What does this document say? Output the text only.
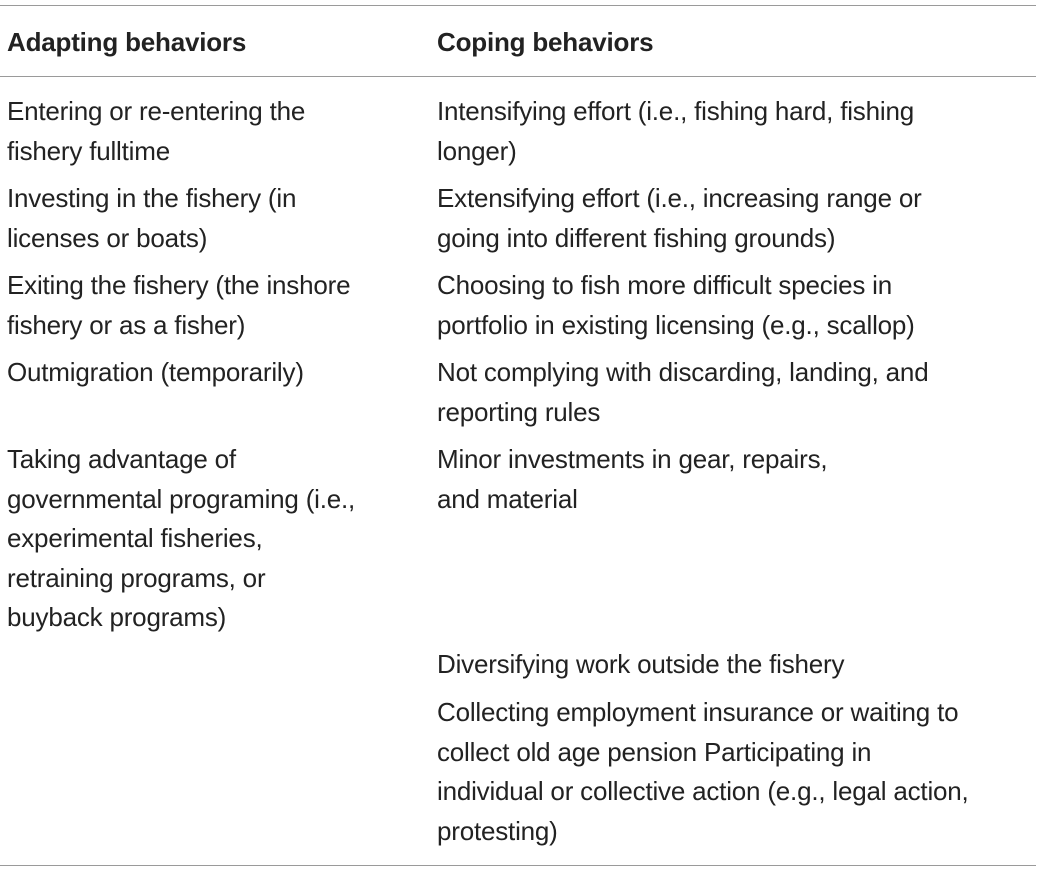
Adapting behaviors	Coping behaviors
Entering or re-entering the
fishery fulltime
Intensifying effort (i.e., fishing hard, fishing
longer)
Investing in the fishery (in
licenses or boats)
Extensifying effort (i.e., increasing range or
going into different fishing grounds)
Exiting the fishery (the inshore
fishery or as a fisher)
Choosing to fish more difficult species in
portfolio in existing licensing (e.g., scallop)
Outmigration (temporarily)	Not complying with discarding, landing, and
reporting rules
Taking advantage of
governmental programing (i.e.,
experimental fisheries,
retraining programs, or
buyback programs)
Minor investments in gear, repairs,
and material
Diversifying work outside the fishery
Collecting employment insurance or waiting to
collect old age pension Participating in
individual or collective action (e.g., legal action,
protesting)
